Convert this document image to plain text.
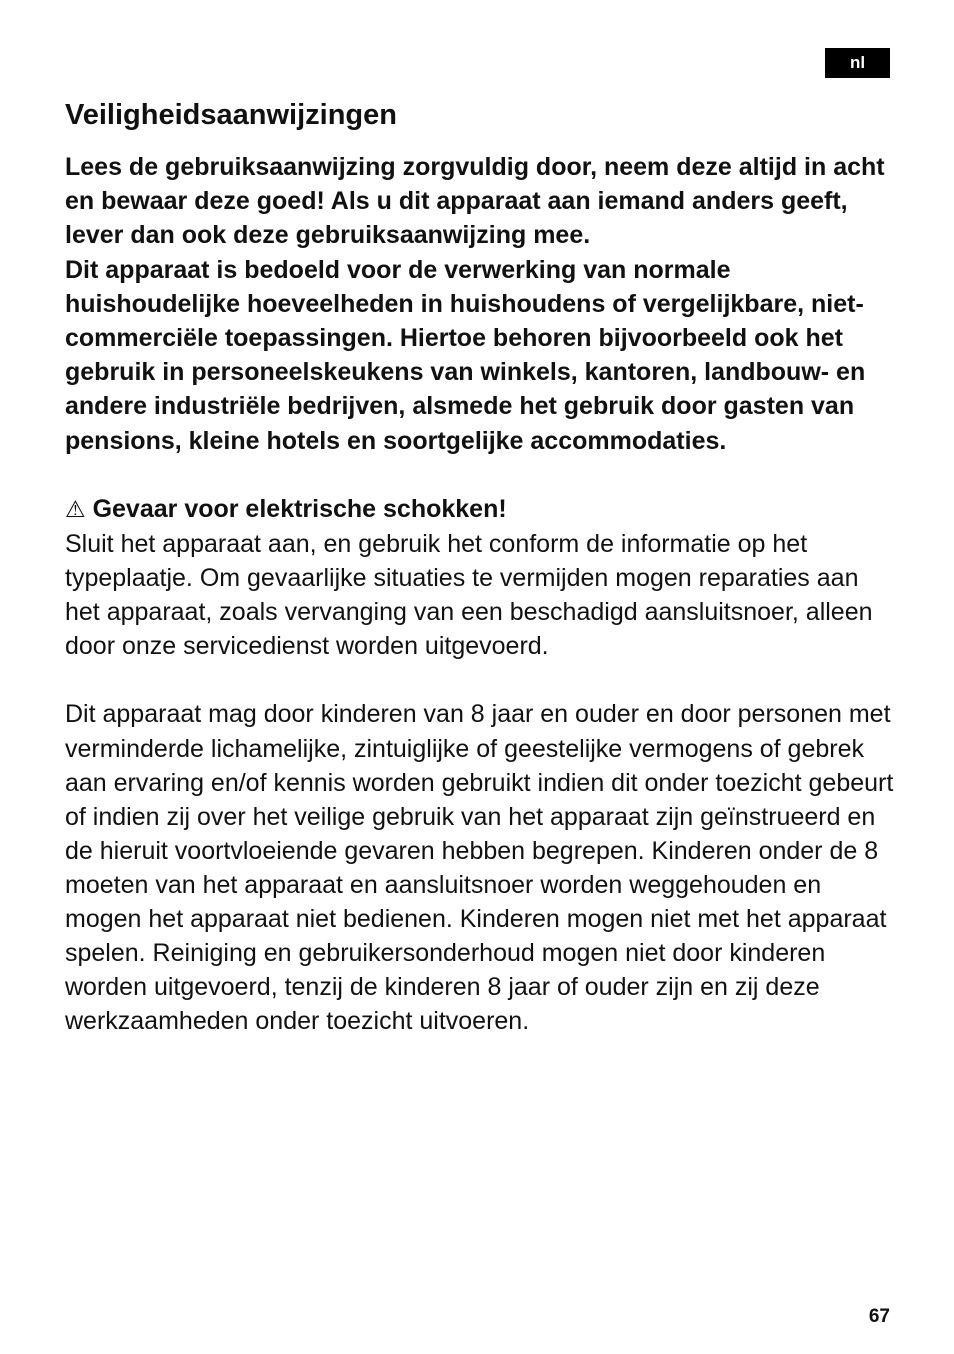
nl
Veiligheidsaanwijzingen

Lees de gebruiksaanwijzing zorgvuldig door, neem deze altijd in acht en bewaar deze goed! Als u dit apparaat aan iemand anders geeft, lever dan ook deze gebruiksaanwijzing mee.

Dit apparaat is bedoeld voor de verwerking van normale huishoudelijke hoeveelheden in huishoudens of vergelijkbare, niet-commerciële toepassingen. Hiertoe behoren bijvoorbeeld ook het gebruik in personeelskeukens van winkels, kantoren, landbouw- en andere industriële bedrijven, alsmede het gebruik door gasten van pensions, kleine hotels en soortgelijke accommodaties.

⚠ Gevaar voor elektrische schokken!

Sluit het apparaat aan, en gebruik het conform de informatie op het typeplaatje. Om gevaarlijke situaties te vermijden mogen reparaties aan het apparaat, zoals vervanging van een beschadigd aansluitsnoer, alleen door onze servicedienst worden uitgevoerd.

Dit apparaat mag door kinderen van 8 jaar en ouder en door personen met verminderde lichamelijke, zintuiglijke of geestelijke vermogens of gebrek aan ervaring en/of kennis worden gebruikt indien dit onder toezicht gebeurt of indien zij over het veilige gebruik van het apparaat zijn geïnstrueerd en de hieruit voortvloeiende gevaren hebben begrepen. Kinderen onder de 8 moeten van het apparaat en aansluitsnoer worden weggehouden en mogen het apparaat niet bedienen. Kinderen mogen niet met het apparaat spelen. Reiniging en gebruikersonderhoud mogen niet door kinderen worden uitgevoerd, tenzij de kinderen 8 jaar of ouder zijn en zij deze werkzaamheden onder toezicht uitvoeren.

67
